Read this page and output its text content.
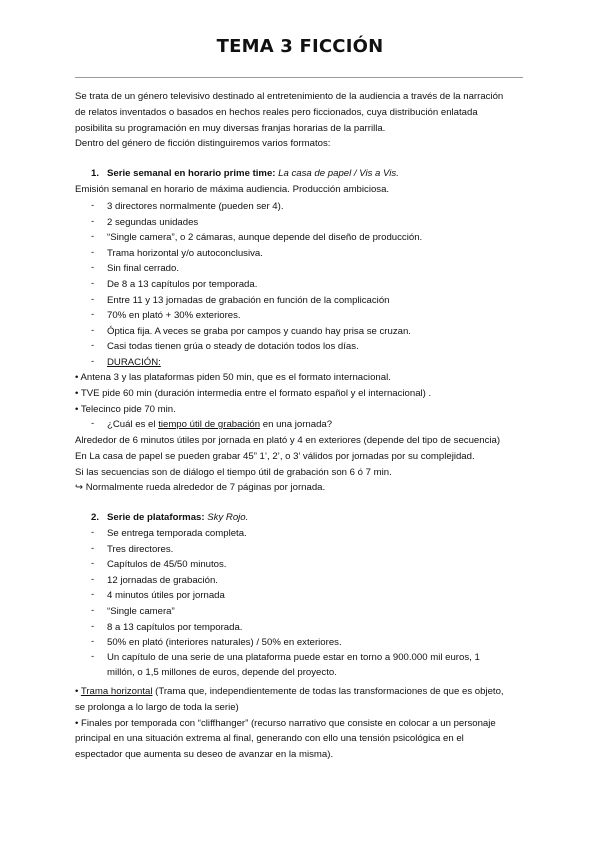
TEMA 3 FICCIÓN
Se trata de un género televisivo destinado al entretenimiento de la audiencia a través de la narración
de relatos inventados o basados en hechos reales pero ficcionados, cuya distribución enlatada
posibilita su programación en muy diversas franjas horarias de la parrilla.
Dentro del género de ficción distinguiremos varios formatos:
1. Serie semanal en horario prime time: La casa de papel / Vis a Vis.
Emisión semanal en horario de máxima audiencia. Producción ambiciosa.
- 3 directores normalmente (pueden ser 4).
- 2 segundas unidades
- “Single camera”, o 2 cámaras, aunque depende del diseño de producción.
- Trama horizontal y/o autoconclusiva.
- Sin final cerrado.
- De 8 a 13 capítulos por temporada.
- Entre 11 y 13 jornadas de grabación en función de la complicación
- 70% en plató + 30% exteriores.
- Óptica fija. A veces se graba por campos y cuando hay prisa se cruzan.
- Casi todas tienen grúa o steady de dotación todos los días.
- DURACIÓN:
• Antena 3 y las plataformas piden 50 min, que es el formato internacional.
• TVE pide 60 min (duración intermedia entre el formato español y el internacional) .
• Telecinco pide 70 min.
- ¿Cuál es el tiempo útil de grabación en una jornada?
Alrededor de 6 minutos útiles por jornada en plató y 4 en exteriores (depende del tipo de secuencia)
En La casa de papel se pueden grabar 45” 1’, 2’, o 3’ válidos por jornadas por su complejidad.
Si las secuencias son de diálogo el tiempo útil de grabación son 6 ó 7 min.
↪ Normalmente rueda alrededor de 7 páginas por jornada.
2. Serie de plataformas: Sky Rojo.
- Se entrega temporada completa.
- Tres directores.
- Capítulos de 45/50 minutos.
- 12 jornadas de grabación.
- 4 minutos útiles por jornada
- “Single camera”
- 8 a 13 capítulos por temporada.
- 50% en plató (interiores naturales) / 50% en exteriores.
- Un capítulo de una serie de una plataforma puede estar en torno a 900.000 mil euros, 1
millón, o 1,5 millones de euros, depende del proyecto.
• Trama horizontal (Trama que, independientemente de todas las transformaciones de que es objeto,
se prolonga a lo largo de toda la serie)
• Finales por temporada con “cliffhanger” (recurso narrativo que consiste en colocar a un personaje
principal en una situación extrema al final, generando con ello una tensión psicológica en el
espectador que aumenta su deseo de avanzar en la misma).
